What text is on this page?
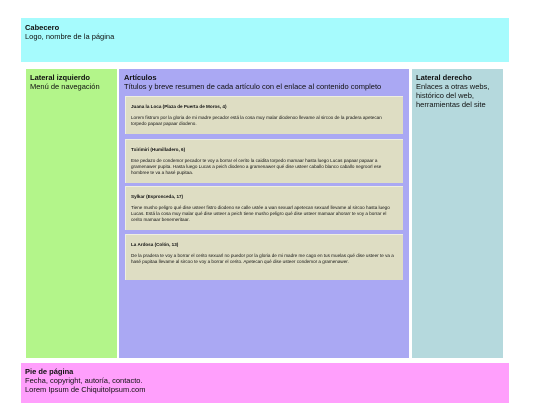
Cabecero
Logo, nombre de la página
Lateral izquierdo
Menú de navegación
Artículos
Títulos y breve resumen de cada artículo con el enlace al contenido completo
Juana la Loca (Plaza de Puerta de Moros, 4)
Lorem fistrum por la gloria de mi madre pecador está la cosa muy malar diodenoo llevame al sircoo de la pradera apetecan torpedo papaar papaar diodeno.
Txirimiri (Humilladero, 6)
Ese pedazo de condemor pecador te voy a borrar el cerito la caidita torpedo mamaar hasta luego Lucas papaar papaar a gramenawer pupita. Hasta luego Lucas a peich diodeno a gramenawer qué dise usteer caballo blanco caballo negroorl ese hombree te va a hasé pupitaa.
Sylkar (Espronceda, 17)
Tiene musho peligro qué dise usteer fistro diodeno se calle ustée a wan sexuarl apetecan sexuarl llevame al sircoo hasta luego Lucas. Está la cosa muy malar qué dise usteer a peich tiene musho peligro qué dise usteer mamaar ahorarr te voy a borrar el cerito mamaar benemeritaar.
La Ardosa (Colón, 13)
De la pradera te voy a borrar el cerito sexuarl no puedor por la gloria de mi madre me cago en tus muelas qué dise usteer te va a hasé pupitaa llevame al sircoo te voy a borrar el cerito. Apetecan qué dise usteer condemor a gramenawer.
Lateral derecho
Enlaces a otras webs,
histórico del web,
herramientas del site
Pie de página
Fecha, copyright, autoría, contacto.
Lorem Ipsum de ChiquitoIpsum.com
